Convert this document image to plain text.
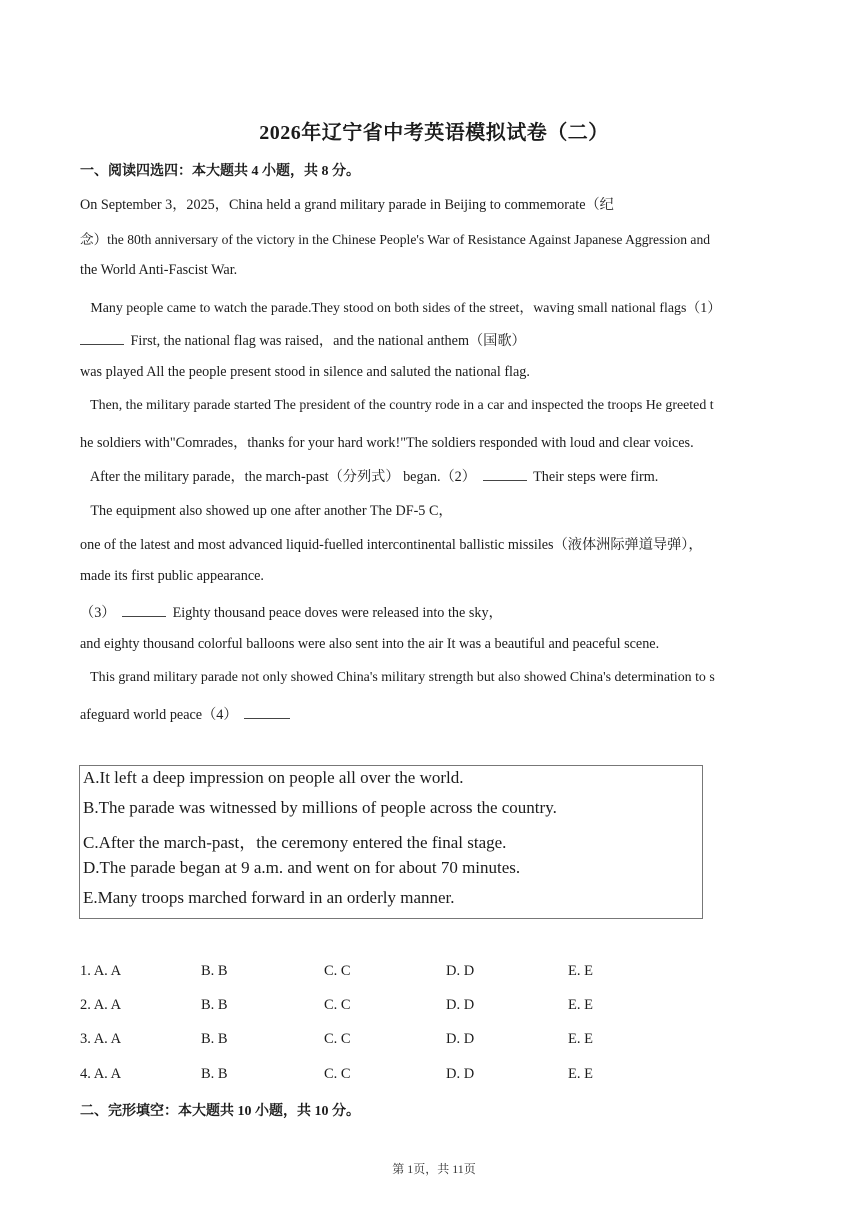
2026年辽宁省中考英语模拟试卷（二）
一、阅读四选四：本大题共 4 小题，共 8 分。
On September 3，2025，China held a grand military parade in Beijing to commemorate（纪
念）the 80th anniversary of the victory in the Chinese People's War of Resistance Against Japanese Aggression and
the World Anti-Fascist War.
Many people came to watch the parade.They stood on both sides of the street，waving small national flags（1）
First, the national flag was raised，and the national anthem（国歌）
was played All the people present stood in silence and saluted the national flag.
Then, the military parade started The president of the country rode in a car and inspected the troops He greeted t
he soldiers with"Comrades，thanks for your hard work!"The soldiers responded with loud and clear voices.
After the military parade，the march-past（分列式） began.（2）	Their steps were firm.
The equipment also showed up one after another The DF-5 C，
one of the latest and most advanced liquid-fuelled intercontinental ballistic missiles（液体洲际弹道导弹），
made its first public appearance.
（3）	Eighty thousand peace doves were released into the sky，
and eighty thousand colorful balloons were also sent into the air It was a beautiful and peaceful scene.
This grand military parade not only showed China's military strength but also showed China's determination to s
afeguard world peace（4）
A.It left a deep impression on people all over the world.
B.The parade was witnessed by millions of people across the country.
C.After the march-past，the ceremony entered the final stage.
D.The parade began at 9 a.m. and went on for about 70 minutes.
E.Many troops marched forward in an orderly manner.
1. A. A	B. B	C. C	D. D	E. E
2. A. A	B. B	C. C	D. D	E. E
3. A. A	B. B	C. C	D. D	E. E
4. A. A	B. B	C. C	D. D	E. E
二、完形填空：本大题共 10 小题，共 10 分。
第 1页，共 11页
